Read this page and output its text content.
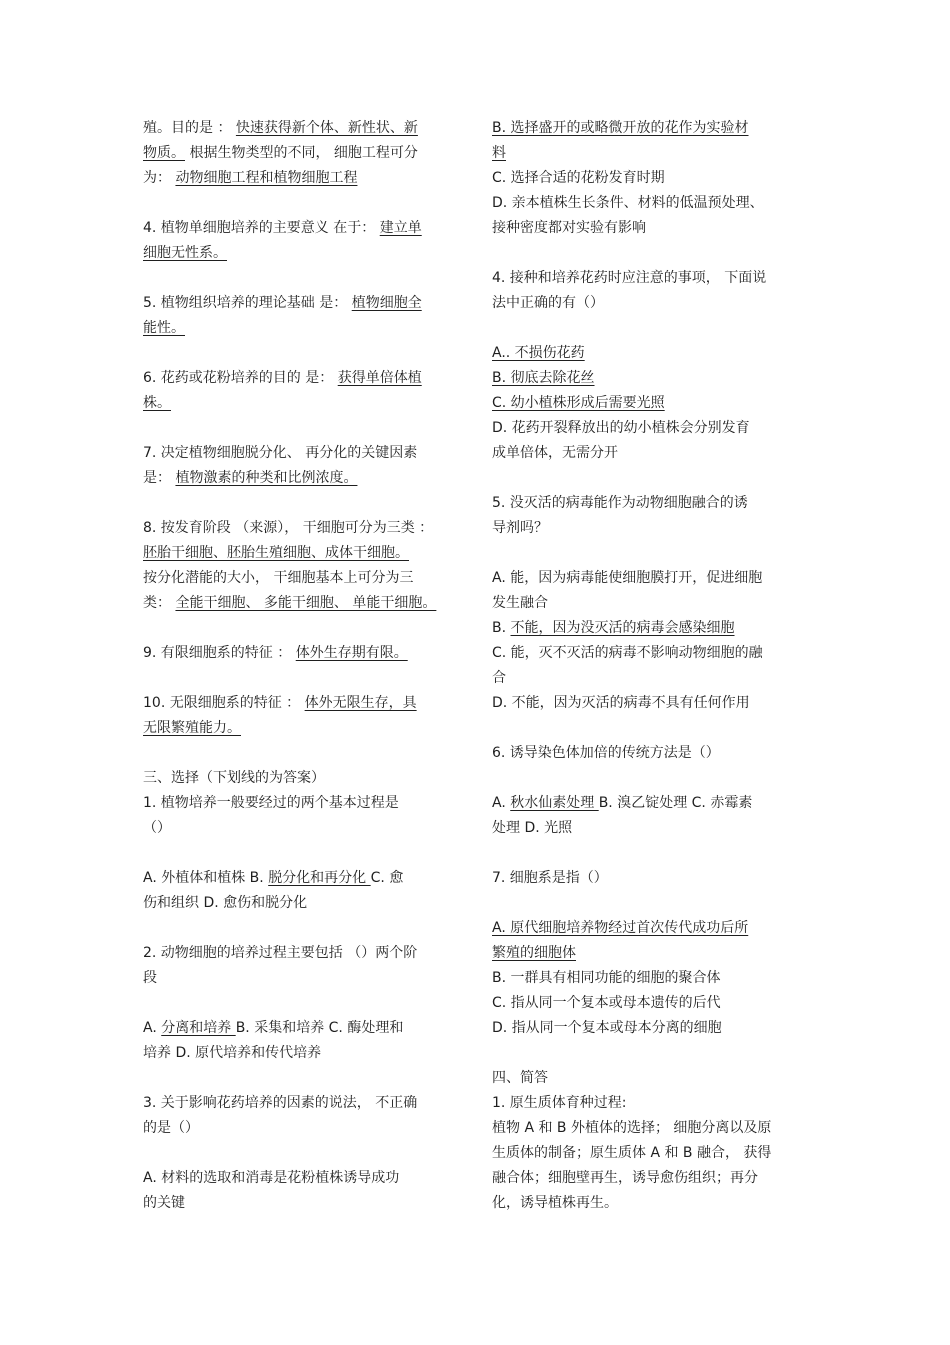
殖。目的是 ： 快速获得新个体、新性状、新
物质。 根据生物类型的不同， 细胞工程可分
为： 动物细胞工程和植物细胞工程
4. 植物单细胞培养的主要意义 在于： 建立单
细胞无性系。
5. 植物组织培养的理论基础 是： 植物细胞全
能性。
6. 花药或花粉培养的目的 是： 获得单倍体植
株。
7. 决定植物细胞脱分化、 再分化的关键因素
是： 植物激素的种类和比例浓度。
8. 按发育阶段 （来源）， 干细胞可分为三类 ：
胚胎干细胞、胚胎生殖细胞、成体干细胞。
按分化潜能的大小， 干细胞基本上可分为三
类： 全能干细胞、 多能干细胞、 单能干细胞。
9. 有限细胞系的特征 ： 体外生存期有限。
10. 无限细胞系的特征 ： 体外无限生存，具
无限繁殖能力。
三、选择（下划线的为答案）
1. 植物培养一般要经过的两个基本过程是
（）
A. 外植体和植株 B. 脱分化和再分化 C. 愈
伤和组织 D. 愈伤和脱分化
2. 动物细胞的培养过程主要包括 （）两个阶
段
A. 分离和培养 B. 采集和培养 C. 酶处理和
培养 D. 原代培养和传代培养
3. 关于影响花药培养的因素的说法， 不正确
的是（）
A. 材料的选取和消毒是花粉植株诱导成功
的关键
B. 选择盛开的或略微开放的花作为实验材
料
C. 选择合适的花粉发育时期
D. 亲本植株生长条件、材料的低温预处理、
接种密度都对实验有影响
4. 接种和培养花药时应注意的事项， 下面说
法中正确的有（）
A.. 不损伤花药
B. 彻底去除花丝
C. 幼小植株形成后需要光照
D. 花药开裂释放出的幼小植株会分别发育
成单倍体，无需分开
5. 没灭活的病毒能作为动物细胞融合的诱
导剂吗？
A. 能，因为病毒能使细胞膜打开，促进细胞
发生融合
B. 不能，因为没灭活的病毒会感染细胞
C. 能，灭不灭活的病毒不影响动物细胞的融
合
D. 不能，因为灭活的病毒不具有任何作用
6. 诱导染色体加倍的传统方法是（）
A. 秋水仙素处理 B. 溴乙锭处理 C. 赤霉素
处理 D. 光照
7. 细胞系是指（）
A. 原代细胞培养物经过首次传代成功后所
繁殖的细胞体
B. 一群具有相同功能的细胞的聚合体
C. 指从同一个复本或母本遗传的后代
D. 指从同一个复本或母本分离的细胞
四、简答
1. 原生质体育种过程:
植物 A 和 B 外植体的选择； 细胞分离以及原
生质体的制备；原生质体 A 和 B 融合， 获得
融合体；细胞壁再生，诱导愈伤组织；再分
化，诱导植株再生。
